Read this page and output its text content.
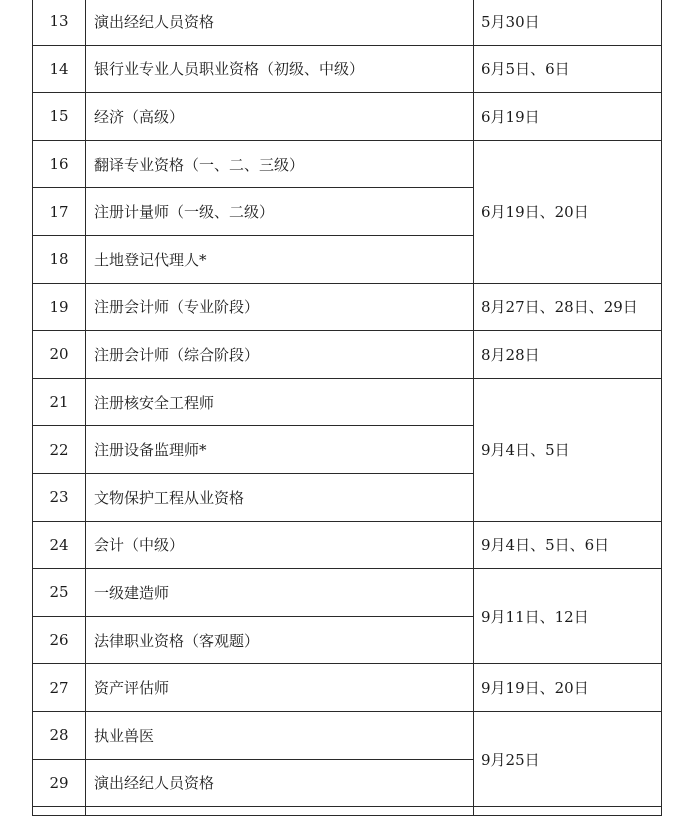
13	演出经纪人员资格	5月30日
14	银行业专业人员职业资格（初级、中级）	6月5日、6日
15	经济（高级）	6月19日
16	翻译专业资格（一、二、三级）	6月19日、20日
17	注册计量师（一级、二级）	
18	土地登记代理人*	
19	注册会计师（专业阶段）	8月27日、28日、29日
20	注册会计师（综合阶段）	8月28日
21	注册核安全工程师	9月4日、5日
22	注册设备监理师*	
23	文物保护工程从业资格	
24	会计（中级）	9月4日、5日、6日
25	一级建造师	9月11日、12日
26	法律职业资格（客观题）	
27	资产评估师	9月19日、20日
28	执业兽医	9月25日
29	演出经纪人员资格	
